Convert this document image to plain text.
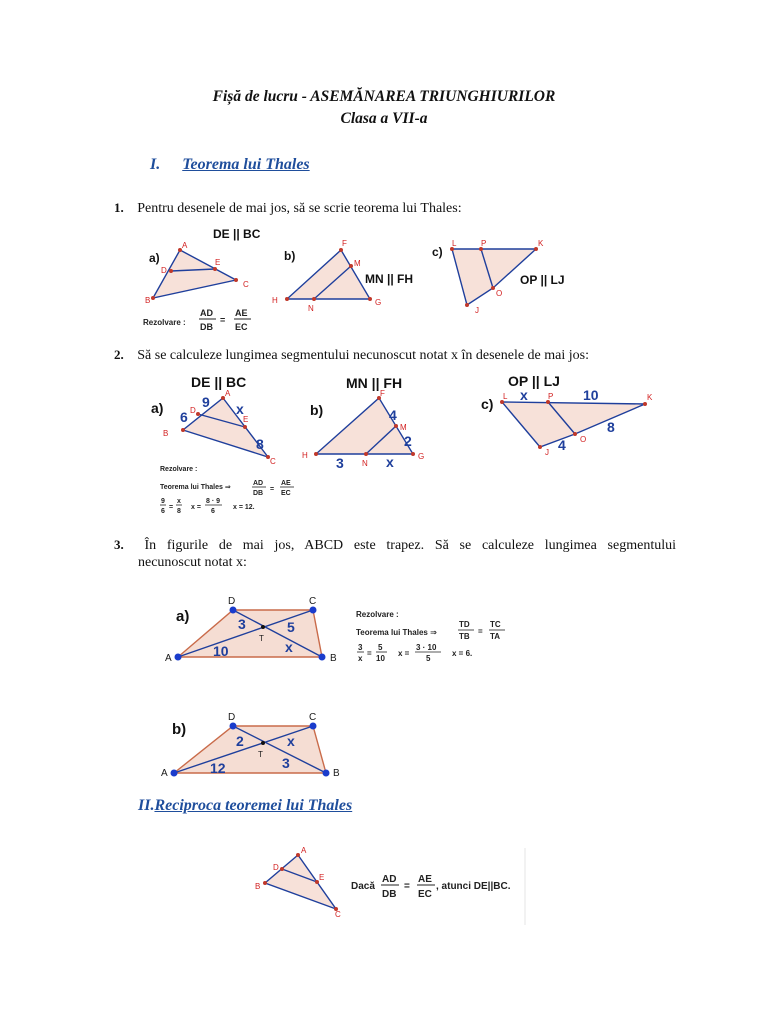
Fișă de lucru - ASEMĂNAREA TRIUNGHIURILOR
Clasa a VII-a
I. Teorema lui Thales
1. Pentru desenele de mai jos, să se scrie teorema lui Thales:
A
D
E
B
C
a)
DE || BC
Rezolvare :
AD
DB
=
AE
EC
F
M
H
N
G
b)
MN || FH
L	P	K
O
J
c)
OP || LJ
DE || BC
a)
A
D
E
B
C
9
6	x
8
Rezolvare :
Teorema lui Thales ⇒
AD
DB
=
AE
EC
9
6
=
x
8
x =
8 · 9
6
x = 12.
MN || FH
b)
F
M
H
N
G
4
2
3	x
OP || LJ
c) L	P	K
O
J
x	10
8
4
a)
D	C
A	B
T
3	5
10	x
Rezolvare :
Teorema lui Thales ⇒
TD
TB
=
TC
TA
3
x
=
5
10
x =
3 · 10
5
x = 6.
b)
D	C
A	B
T
2	x
12	3
A
D
E
B
C
Dacă
AD
DB
=
AE
EC
, atunci DE||BC.
2. Să se calculeze lungimea segmentului necunoscut notat x în desenele de mai jos:
3. În figurile de mai jos, ABCD este trapez. Să se calculeze lungimea segmentului
necunoscut notat x:
II.Reciproca teoremei lui Thales
